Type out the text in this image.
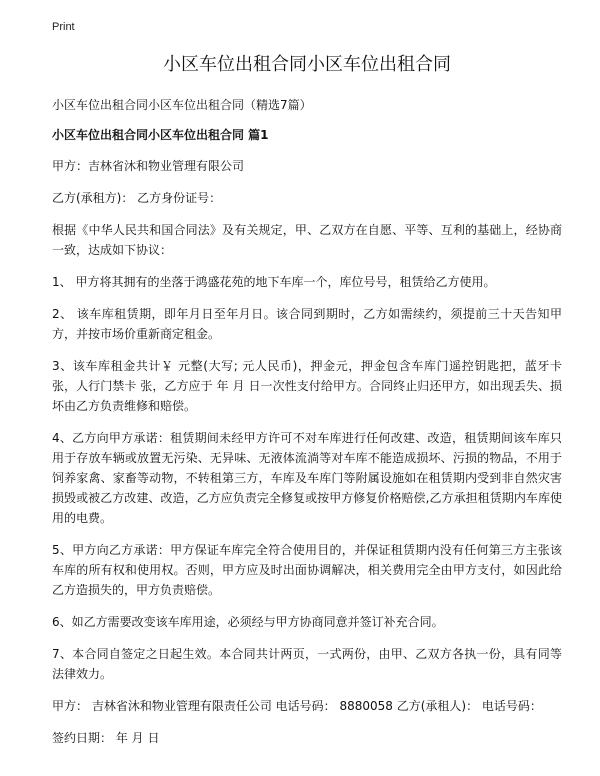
Print
小区车位出租合同小区车位出租合同
小区车位出租合同小区车位出租合同（精选7篇）
小区车位出租合同小区车位出租合同 篇1
甲方：吉林省沐和物业管理有限公司
乙方(承租方)： 乙方身份证号：
根据《中华人民共和国合同法》及有关规定，甲、乙双方在自愿、平等、互利的基础上，经协商一致，达成如下协议：
1、 甲方将其拥有的坐落于鸿盛花苑的地下车库一个，库位号号，租赁给乙方使用。
2、 该车库租赁期，即年月日至年月日。该合同到期时，乙方如需续约，须提前三十天告知甲方，并按市场价重新商定租金。
3、该车库租金共计￥ 元整(大写; 元人民币)，押金元，押金包含车库门遥控钥匙把，蓝牙卡 张，人行门禁卡 张，乙方应于 年 月 日一次性支付给甲方。合同终止归还甲方，如出现丢失、损坏由乙方负责维修和赔偿。
4、乙方向甲方承诺：租赁期间未经甲方许可不对车库进行任何改建、改造，租赁期间该车库只用于存放车辆或放置无污染、无异味、无液体流淌等对车库不能造成损坏、污损的物品，不用于饲养家禽、家畜等动物，不转租第三方，车库及车库门等附属设施如在租赁期内受到非自然灾害损毁或被乙方改建、改造，乙方应负责完全修复或按甲方修复价格赔偿,乙方承担租赁期内车库使用的电费。
5、甲方向乙方承诺：甲方保证车库完全符合使用目的，并保证租赁期内没有任何第三方主张该车库的所有权和使用权。否则，甲方应及时出面协调解决，相关费用完全由甲方支付，如因此给乙方造损失的，甲方负责赔偿。
6、如乙方需要改变该车库用途，必须经与甲方协商同意并签订补充合同。
7、本合同自签定之日起生效。本合同共计两页，一式两份，由甲、乙双方各执一份，具有同等法律效力。
甲方： 吉林省沐和物业管理有限责任公司 电话号码： 8880058 乙方(承租人)： 电话号码：
签约日期： 年 月 日
